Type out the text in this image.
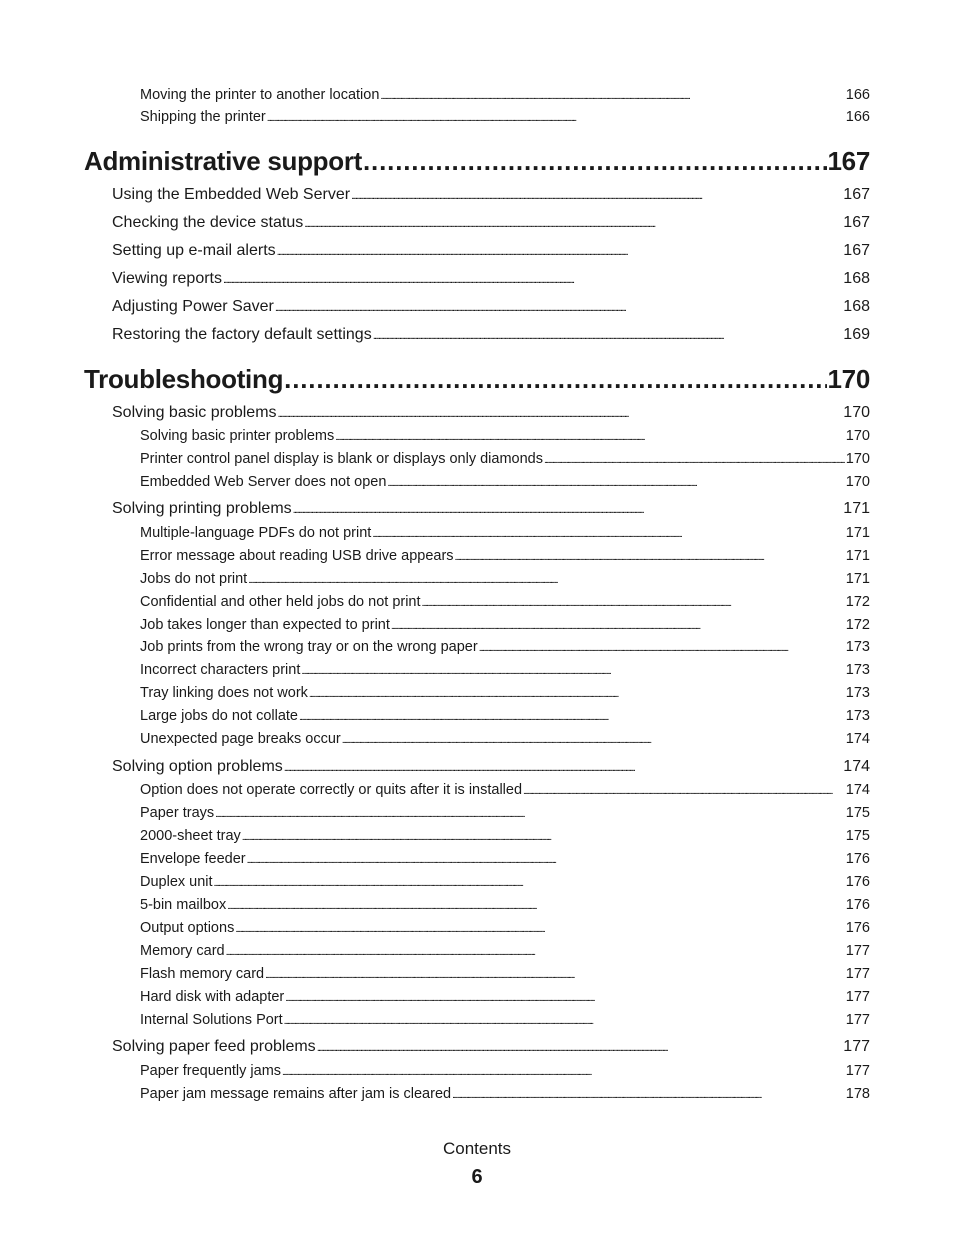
Moving the printer to another location . . .	166
Shipping the printer . . .	166
Administrative support . . .	167
Using the Embedded Web Server . . .	167
Checking the device status . . .	167
Setting up e-mail alerts . . .	167
Viewing reports . . .	168
Adjusting Power Saver . . .	168
Restoring the factory default settings . . .	169
Troubleshooting . . .	170
Solving basic problems . . .	170
Solving basic printer problems . . .	170
Printer control panel display is blank or displays only diamonds . . .	170
Embedded Web Server does not open . . .	170
Solving printing problems . . .	171
Multiple-language PDFs do not print . . .	171
Error message about reading USB drive appears . . .	171
Jobs do not print . . .	171
Confidential and other held jobs do not print . . .	172
Job takes longer than expected to print . . .	172
Job prints from the wrong tray or on the wrong paper . . .	173
Incorrect characters print . . .	173
Tray linking does not work . . .	173
Large jobs do not collate . . .	173
Unexpected page breaks occur . . .	174
Solving option problems . . .	174
Option does not operate correctly or quits after it is installed . . .	174
Paper trays . . .	175
2000-sheet tray . . .	175
Envelope feeder . . .	176
Duplex unit . . .	176
5-bin mailbox . . .	176
Output options . . .	176
Memory card . . .	177
Flash memory card . . .	177
Hard disk with adapter . . .	177
Internal Solutions Port . . .	177
Solving paper feed problems . . .	177
Paper frequently jams . . .	177
Paper jam message remains after jam is cleared . . .	178
Contents
6
